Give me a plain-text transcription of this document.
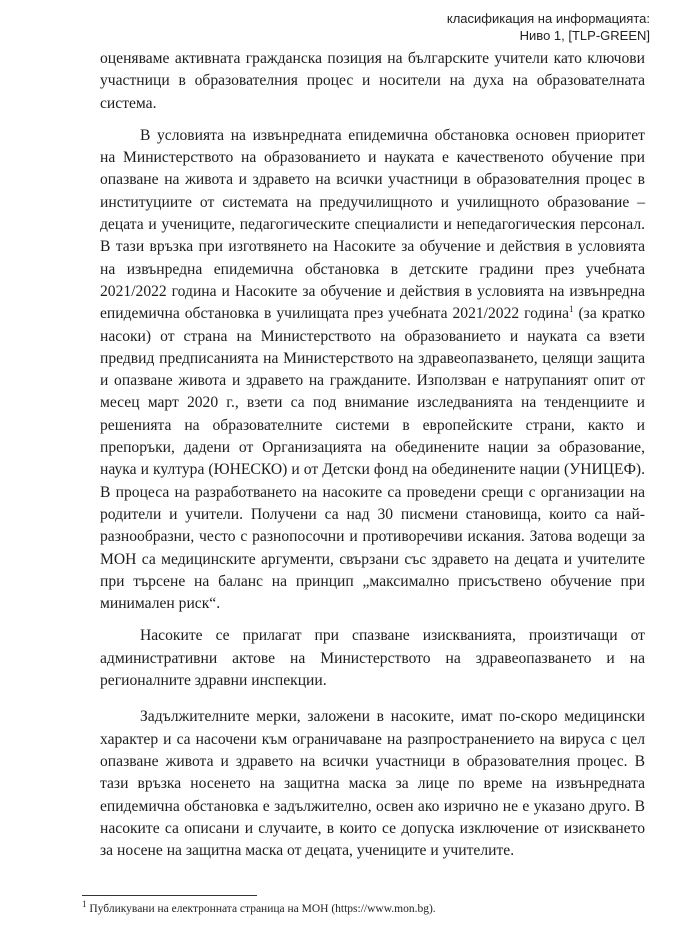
класификация на информацията:
Ниво 1, [TLP-GREEN]

оценяваме активната гражданска позиция на българските учители като ключови участници в образователния процес и носители на духа на образователната система.

В условията на извънредната епидемична обстановка основен приоритет на Министерството на образованието и науката е качественото обучение при опазване на живота и здравето на всички участници в образователния процес в институциите от системата на предучилищното и училищното образование – децата и учениците, педагогическите специалисти и непедагогическия персонал. В тази връзка при изготвянето на Насоките за обучение и действия в условията на извънредна епидемична обстановка в детските градини през учебната 2021/2022 година и Насоките за обучение и действия в условията на извънредна епидемична обстановка в училищата през учебната 2021/2022 година$^1$ (за кратко насоки) от страна на Министерството на образованието и науката са взети предвид предписанията на Министерството на здравеопазването, целящи защита и опазване живота и здравето на гражданите. Използван е натрупаният опит от месец март 2020 г., взети са под внимание изследванията на тенденциите и решенията на образователните системи в европейските страни, както и препоръки, дадени от Организацията на обединените нации за образование, наука и култура (ЮНЕСКО) и от Детски фонд на обединените нации (УНИЦЕФ). В процеса на разработването на насоките са проведени срещи с организации на родители и учители. Получени са над 30 писмени становища, които са най-разнообразни, често с разнопосочни и противоречиви искания. Затова водещи за МОН са медицинските аргументи, свързани със здравето на децата и учителите при търсене на баланс на принцип „максимално присъствено обучение при минимален риск“.

Насоките се прилагат при спазване изискванията, произтичащи от административни актове на Министерството на здравеопазването и на регионалните здравни инспекции.

Задължителните мерки, заложени в насоките, имат по-скоро медицински характер и са насочени към ограничаване на разпространението на вируса с цел опазване живота и здравето на всички участници в образователния процес. В тази връзка носенето на защитна маска за лице по време на извънредната епидемична обстановка е задължително, освен ако изрично не е указано друго. В насоките са описани и случаите, в които се допуска изключение от изискването за носене на защитна маска от децата, учениците и учителите.

$^1$ Публикувани на електронната страница на МОН (https://www.mon.bg).
